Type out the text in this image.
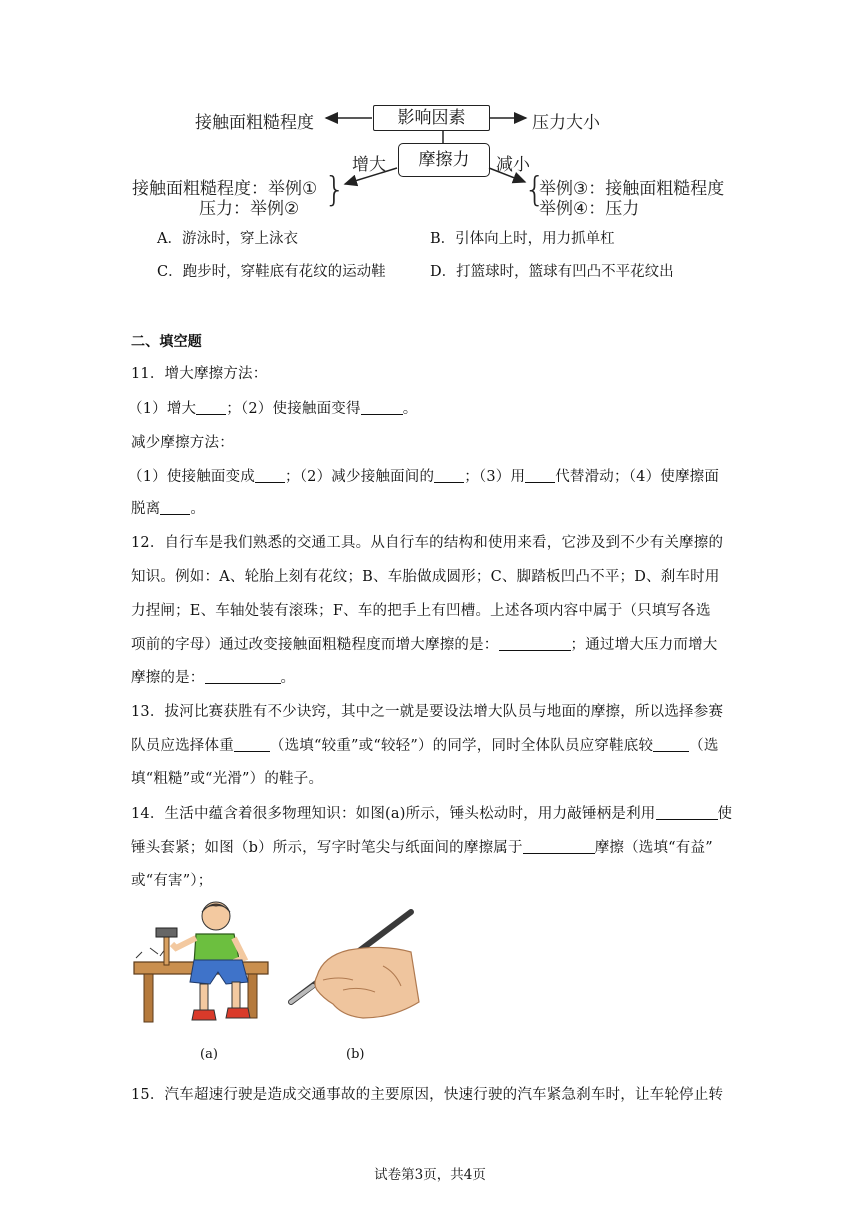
接触面粗糙程度	影响因素	压力大小
增大	摩擦力	减小
接触面粗糙程度：举例①
压力：举例② }	{
举例③：接触面粗糙程度
举例④：压力
A．游泳时，穿上泳衣	B．引体向上时，用力抓单杠
C．跑步时，穿鞋底有花纹的运动鞋	D．打篮球时，篮球有凹凸不平花纹出
二、填空题
11．增大摩擦方法：
（1）增大 ；（2）使接触面变得	。
减少摩擦方法：
（1）使接触面变成 ；（2）减少接触面间的 ；（3）用 代替滑动；（4）使摩擦面
脱离 。
12．自行车是我们熟悉的交通工具。从自行车的结构和使用来看，它涉及到不少有关摩擦的
知识。例如：A、轮胎上刻有花纹；B、车胎做成圆形；C、脚踏板凹凸不平；D、刹车时用
力捏闸；E、车轴处装有滚珠；F、车的把手上有凹槽。上述各项内容中属于（只填写各选
项前的字母）通过改变接触面粗糙程度而增大摩擦的是：	；通过增大压力而增大
摩擦的是：	。
13．拔河比赛获胜有不少诀窍，其中之一就是要设法增大队员与地面的摩擦，所以选择参赛
队员应选择体重 （选填“较重”或“较轻”）的同学，同时全体队员应穿鞋底较 （选
填“粗糙”或“光滑”）的鞋子。
14．生活中蕴含着很多物理知识：如图(a)所示，锤头松动时，用力敲锤柄是利用	使
锤头套紧；如图（b）所示，写字时笔尖与纸面间的摩擦属于	摩擦（选填“有益”
或“有害”）；
(a)	(b)
15．汽车超速行驶是造成交通事故的主要原因，快速行驶的汽车紧急刹车时，让车轮停止转
试卷第3页，共4页
